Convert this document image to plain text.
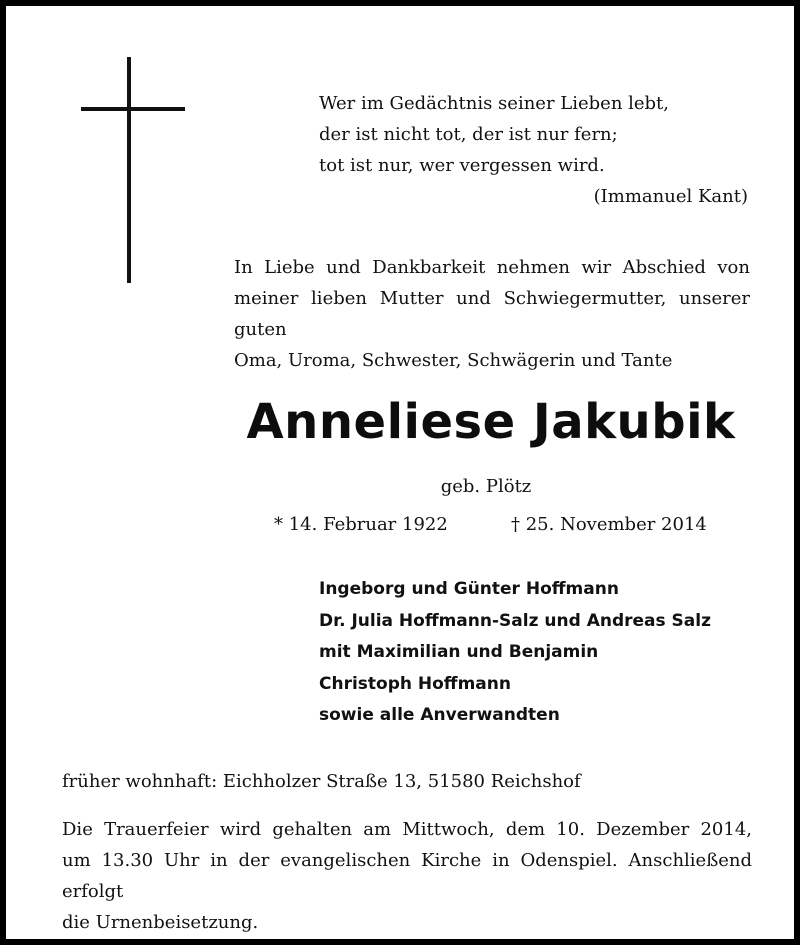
Wer im Gedächtnis seiner Lieben lebt,
der ist nicht tot, der ist nur fern;
tot ist nur, wer vergessen wird.
(Immanuel Kant)
In Liebe und Dankbarkeit nehmen wir Abschied von
meiner lieben Mutter und Schwiegermutter, unserer guten
Oma, Uroma, Schwester, Schwägerin und Tante
Anneliese Jakubik
geb. Plötz
* 14. Februar 1922	† 25. November 2014
Ingeborg und Günter Hoffmann
Dr. Julia Hoffmann-Salz und Andreas Salz
mit Maximilian und Benjamin
Christoph Hoffmann
sowie alle Anverwandten
früher wohnhaft: Eichholzer Straße 13, 51580 Reichshof
Die Trauerfeier wird gehalten am Mittwoch, dem 10. Dezember 2014,
um 13.30 Uhr in der evangelischen Kirche in Odenspiel. Anschließend erfolgt
die Urnenbeisetzung.
